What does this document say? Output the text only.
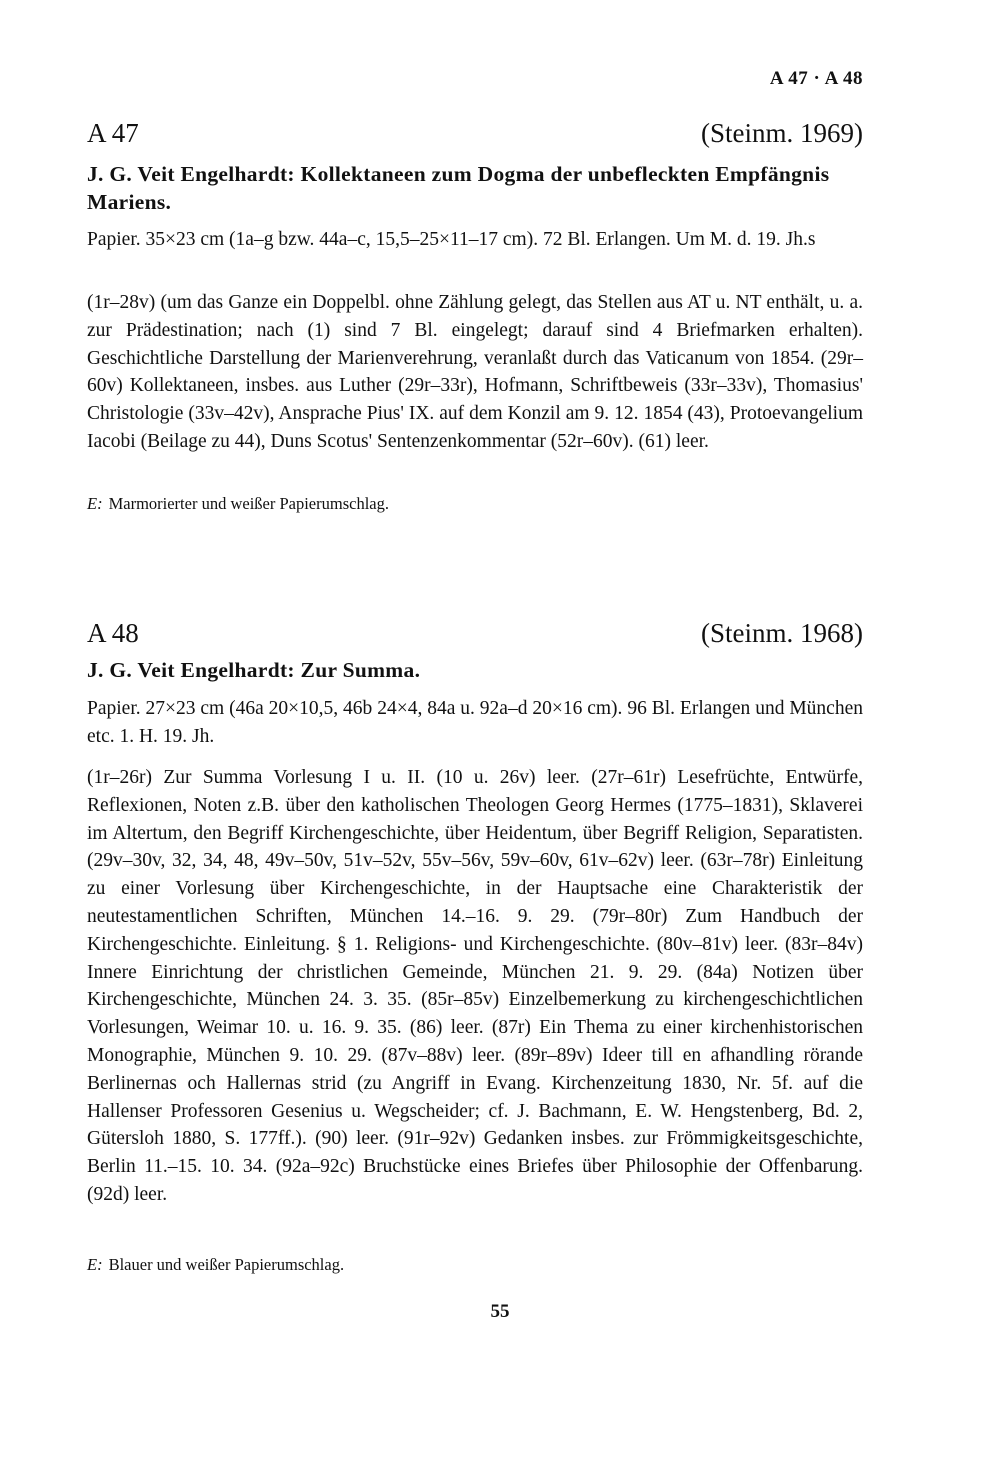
A 47 · A 48
A 47	(Steinm. 1969)
J. G. Veit Engelhardt: Kollektaneen zum Dogma der unbefleckten Empfängnis Mariens.
Papier. 35×23 cm (1a–g bzw. 44a–c, 15,5–25×11–17 cm). 72 Bl. Erlangen. Um M. d. 19. Jh.s
(1r–28v) (um das Ganze ein Doppelbl. ohne Zählung gelegt, das Stellen aus AT u. NT enthält, u. a. zur Prädestination; nach (1) sind 7 Bl. eingelegt; darauf sind 4 Briefmarken erhalten). Geschichtliche Darstellung der Marienverehrung, veranlaßt durch das Vaticanum von 1854. (29r–60v) Kollektaneen, insbes. aus Luther (29r–33r), Hofmann, Schriftbeweis (33r–33v), Thomasius' Christologie (33v–42v), Ansprache Pius' IX. auf dem Konzil am 9. 12. 1854 (43), Protoevangelium Iacobi (Beilage zu 44), Duns Scotus' Sentenzenkommentar (52r–60v). (61) leer.
E: Marmorierter und weißer Papierumschlag.
A 48	(Steinm. 1968)
J. G. Veit Engelhardt: Zur Summa.
Papier. 27×23 cm (46a 20×10,5, 46b 24×4, 84a u. 92a–d 20×16 cm). 96 Bl. Erlangen und München etc. 1. H. 19. Jh.
(1r–26r) Zur Summa Vorlesung I u. II. (10 u. 26v) leer. (27r–61r) Lesefrüchte, Entwürfe, Reflexionen, Noten z.B. über den katholischen Theologen Georg Hermes (1775–1831), Sklaverei im Altertum, den Begriff Kirchengeschichte, über Heidentum, über Begriff Religion, Separatisten. (29v–30v, 32, 34, 48, 49v–50v, 51v–52v, 55v–56v, 59v–60v, 61v–62v) leer. (63r–78r) Einleitung zu einer Vorlesung über Kirchengeschichte, in der Hauptsache eine Charakteristik der neutestamentlichen Schriften, München 14.–16. 9. 29. (79r–80r) Zum Handbuch der Kirchengeschichte. Einleitung. § 1. Religions- und Kirchengeschichte. (80v–81v) leer. (83r–84v) Innere Einrichtung der christlichen Gemeinde, München 21. 9. 29. (84a) Notizen über Kirchengeschichte, München 24. 3. 35. (85r–85v) Einzelbemerkung zu kirchengeschichtlichen Vorlesungen, Weimar 10. u. 16. 9. 35. (86) leer. (87r) Ein Thema zu einer kirchenhistorischen Monographie, München 9. 10. 29. (87v–88v) leer. (89r–89v) Ideer till en afhandling rörande Berlinernas och Hallernas strid (zu Angriff in Evang. Kirchenzeitung 1830, Nr. 5f. auf die Hallenser Professoren Gesenius u. Wegscheider; cf. J. Bachmann, E. W. Hengstenberg, Bd. 2, Gütersloh 1880, S. 177ff.). (90) leer. (91r–92v) Gedanken insbes. zur Frömmigkeitsgeschichte, Berlin 11.–15. 10. 34. (92a–92c) Bruchstücke eines Briefes über Philosophie der Offenbarung. (92d) leer.
E: Blauer und weißer Papierumschlag.
55
